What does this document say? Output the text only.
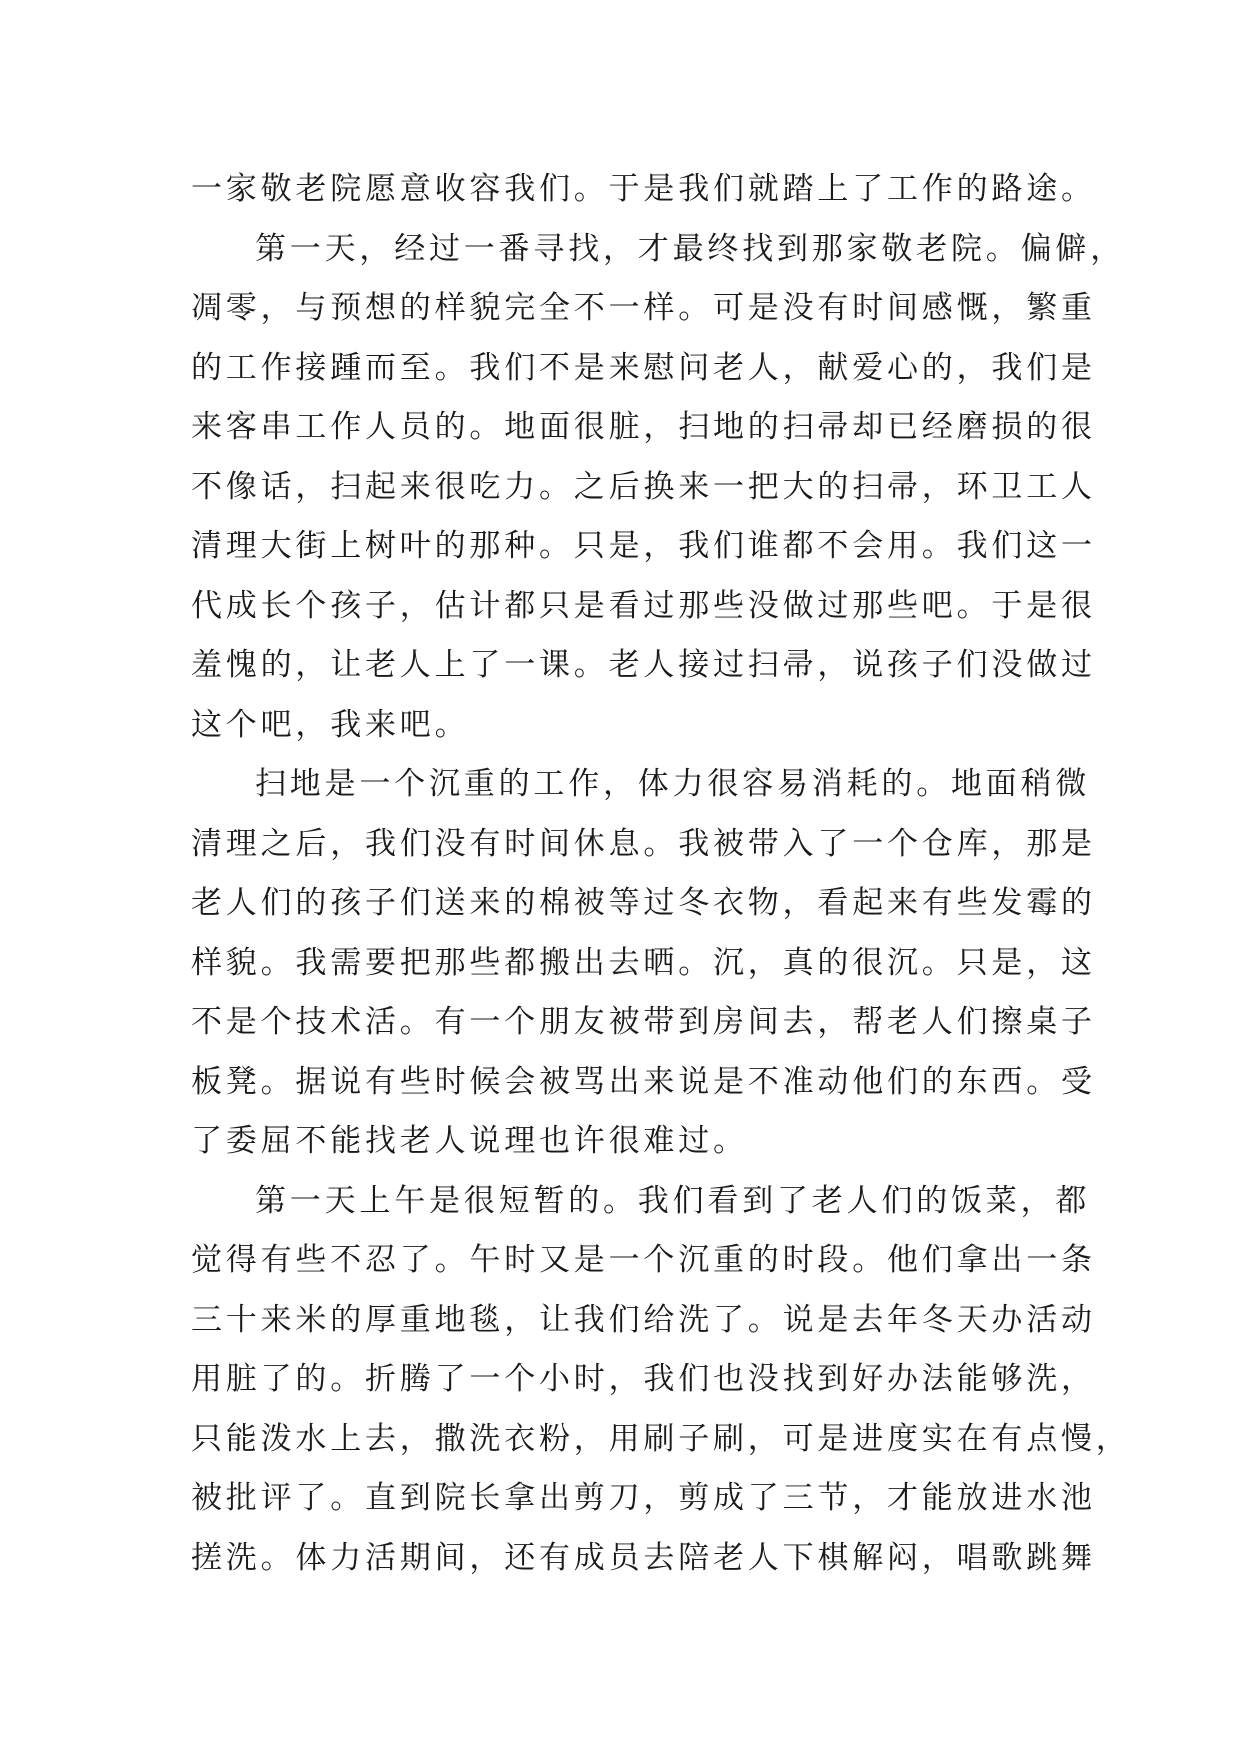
一家敬老院愿意收容我们。于是我们就踏上了工作的路途。
第一天，经过一番寻找，才最终找到那家敬老院。偏僻，
凋零，与预想的样貌完全不一样。可是没有时间感慨，繁重
的工作接踵而至。我们不是来慰问老人，献爱心的，我们是
来客串工作人员的。地面很脏，扫地的扫帚却已经磨损的很
不像话，扫起来很吃力。之后换来一把大的扫帚，环卫工人
清理大街上树叶的那种。只是，我们谁都不会用。我们这一
代成长个孩子，估计都只是看过那些没做过那些吧。于是很
羞愧的，让老人上了一课。老人接过扫帚，说孩子们没做过
这个吧，我来吧。
扫地是一个沉重的工作，体力很容易消耗的。地面稍微
清理之后，我们没有时间休息。我被带入了一个仓库，那是
老人们的孩子们送来的棉被等过冬衣物，看起来有些发霉的
样貌。我需要把那些都搬出去晒。沉，真的很沉。只是，这
不是个技术活。有一个朋友被带到房间去，帮老人们擦桌子
板凳。据说有些时候会被骂出来说是不准动他们的东西。受
了委屈不能找老人说理也许很难过。
第一天上午是很短暂的。我们看到了老人们的饭菜，都
觉得有些不忍了。午时又是一个沉重的时段。他们拿出一条
三十来米的厚重地毯，让我们给洗了。说是去年冬天办活动
用脏了的。折腾了一个小时，我们也没找到好办法能够洗，
只能泼水上去，撒洗衣粉，用刷子刷，可是进度实在有点慢，
被批评了。直到院长拿出剪刀，剪成了三节，才能放进水池
搓洗。体力活期间，还有成员去陪老人下棋解闷，唱歌跳舞
